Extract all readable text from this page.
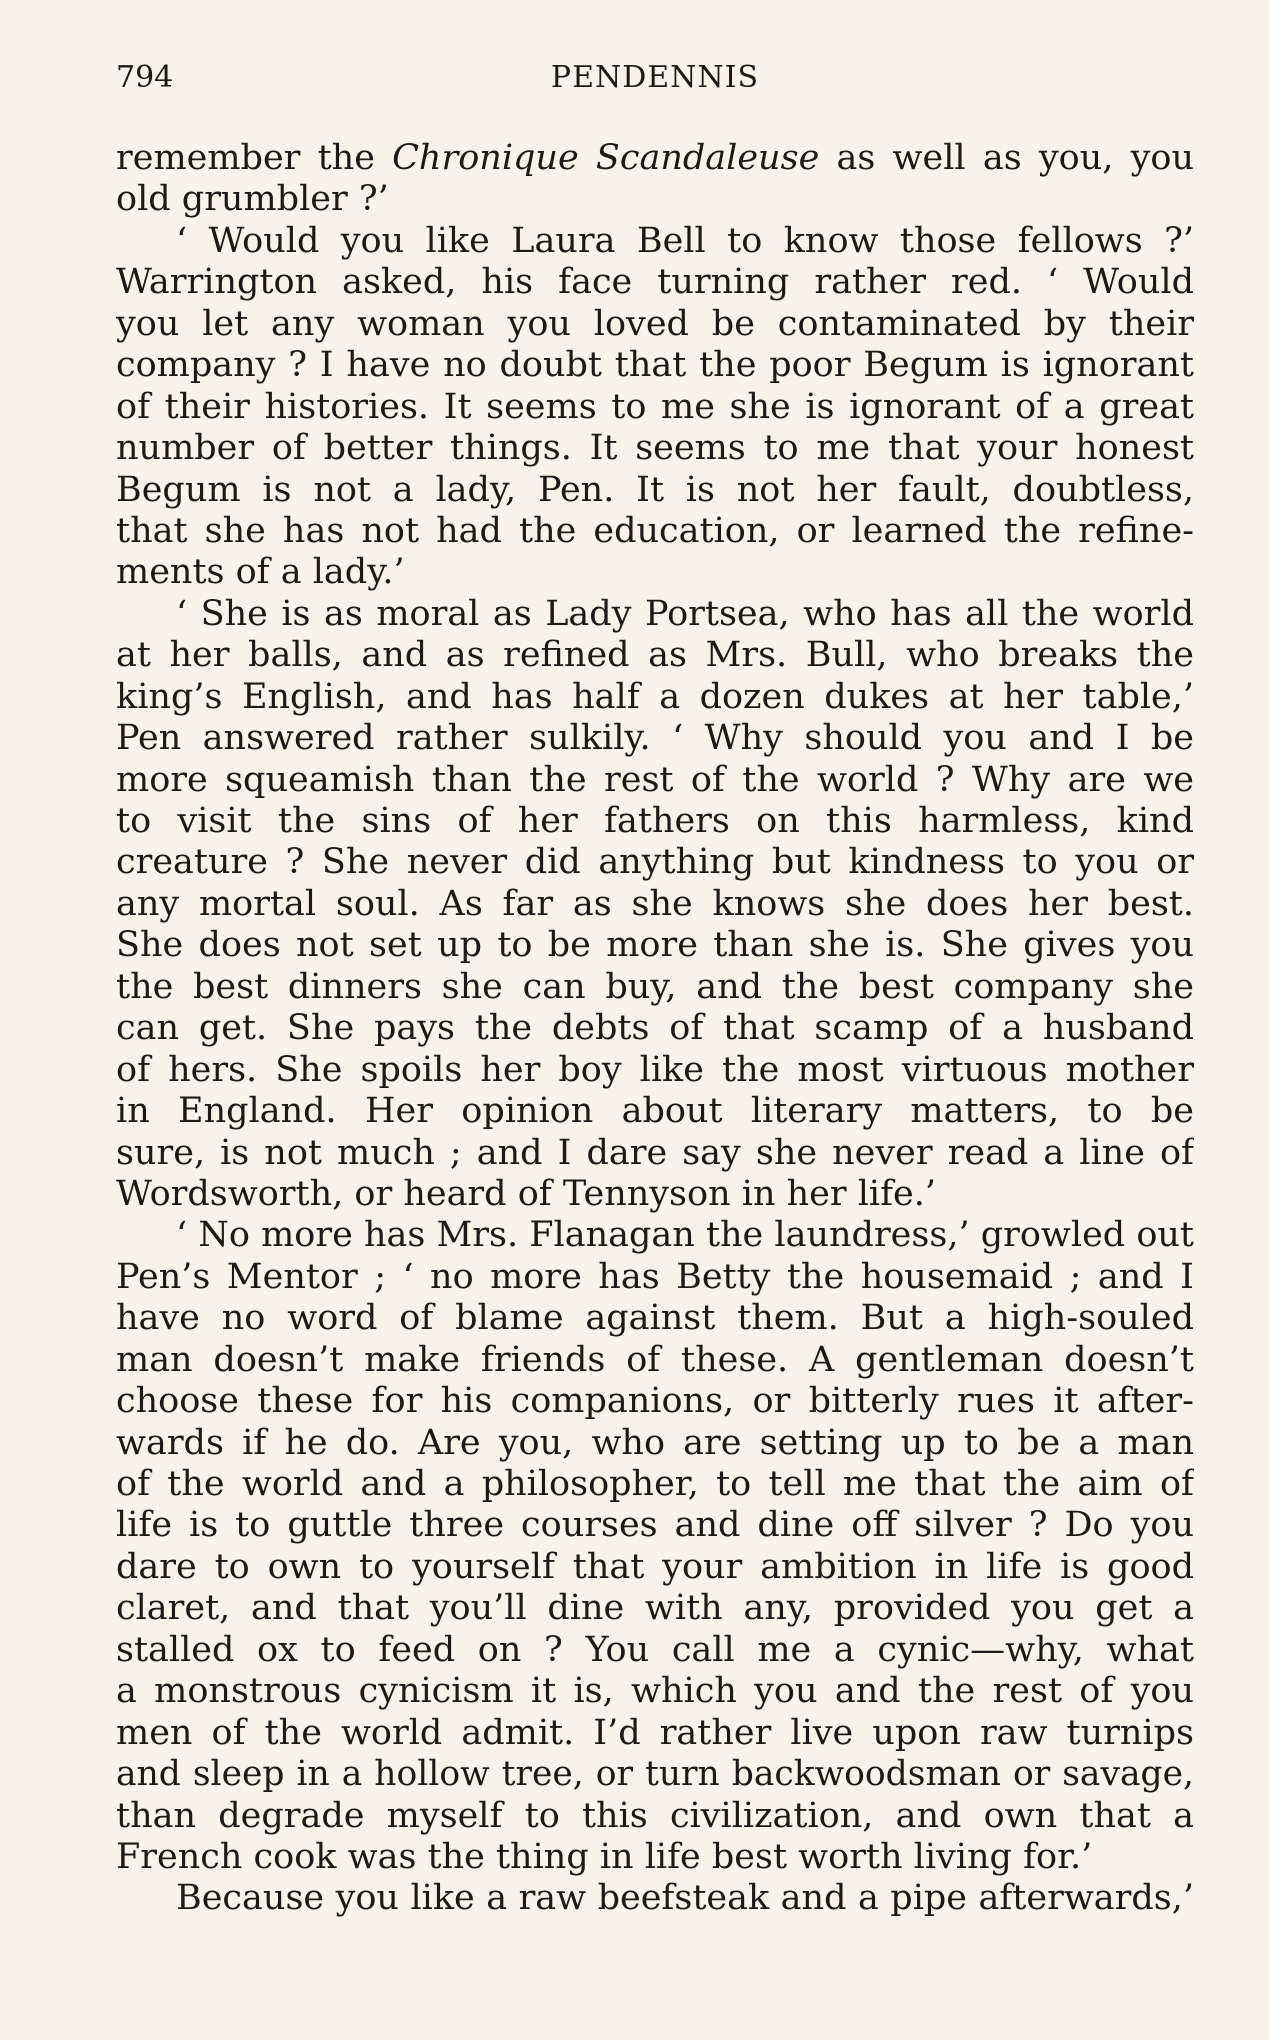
794	PENDENNIS
remember the Chronique Scandaleuse as well as you, you
old grumbler ?’
‘ Would you like Laura Bell to know those fellows ?’
Warrington asked, his face turning rather red. ‘ Would
you let any woman you loved be contaminated by their
company ? I have no doubt that the poor Begum is ignorant
of their histories. It seems to me she is ignorant of a great
number of better things. It seems to me that your honest
Begum is not a lady, Pen. It is not her fault, doubtless,
that she has not had the education, or learned the refine-
ments of a lady.’
‘ She is as moral as Lady Portsea, who has all the world
at her balls, and as refined as Mrs. Bull, who breaks the
king’s English, and has half a dozen dukes at her table,’
Pen answered rather sulkily. ‘ Why should you and I be
more squeamish than the rest of the world ? Why are we
to visit the sins of her fathers on this harmless, kind
creature ? She never did anything but kindness to you or
any mortal soul. As far as she knows she does her best.
She does not set up to be more than she is. She gives you
the best dinners she can buy, and the best company she
can get. She pays the debts of that scamp of a husband
of hers. She spoils her boy like the most virtuous mother
in England. Her opinion about literary matters, to be
sure, is not much ; and I dare say she never read a line of
Wordsworth, or heard of Tennyson in her life.’
‘ No more has Mrs. Flanagan the laundress,’ growled out
Pen’s Mentor ; ‘ no more has Betty the housemaid ; and I
have no word of blame against them. But a high-souled
man doesn’t make friends of these. A gentleman doesn’t
choose these for his companions, or bitterly rues it after-
wards if he do. Are you, who are setting up to be a man
of the world and a philosopher, to tell me that the aim of
life is to guttle three courses and dine off silver ? Do you
dare to own to yourself that your ambition in life is good
claret, and that you’ll dine with any, provided you get a
stalled ox to feed on ? You call me a cynic—why, what
a monstrous cynicism it is, which you and the rest of you
men of the world admit. I’d rather live upon raw turnips
and sleep in a hollow tree, or turn backwoodsman or savage,
than degrade myself to this civilization, and own that a
French cook was the thing in life best worth living for.’
Because you like a raw beefsteak and a pipe afterwards,’
